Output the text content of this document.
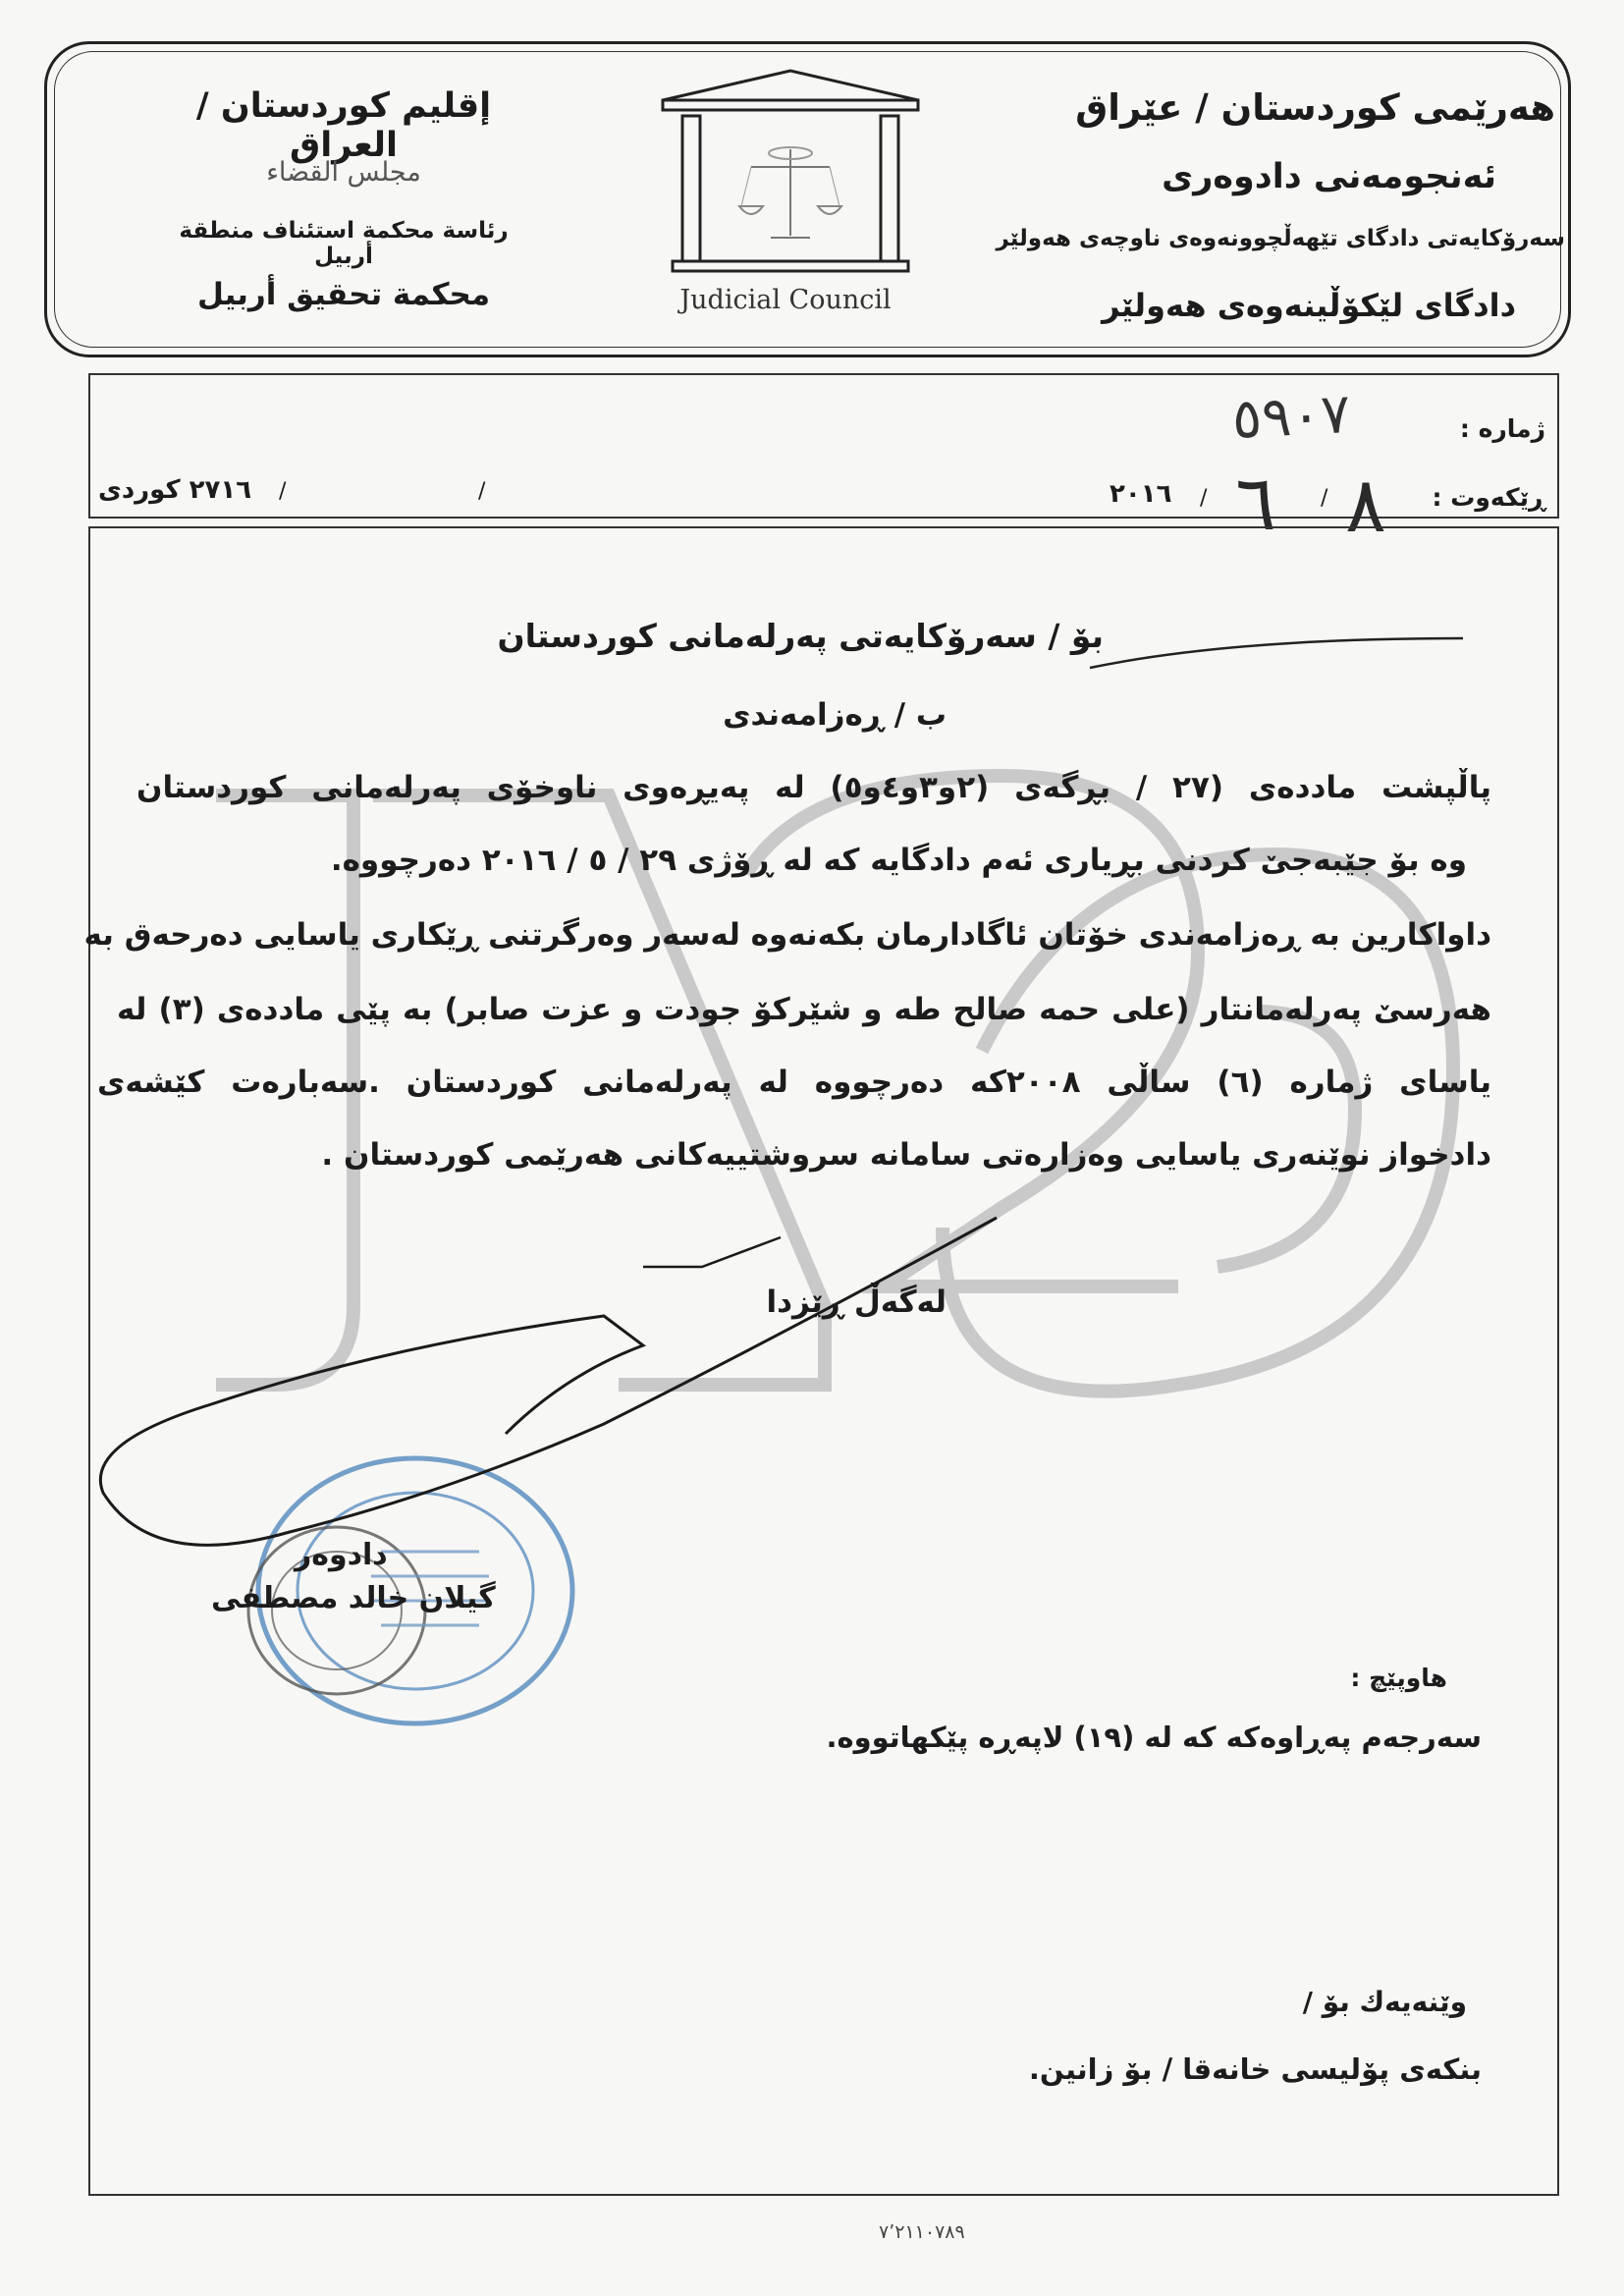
هەرێمی کوردستان / عێراق
ئەنجومەنی دادوەری
سەرۆکایەتی دادگای تێهەڵچوونەوەی ناوچەی هەولێر
دادگای لێکۆڵینەوەی هەولێر
إقليم كوردستان / العراق
مجلس القضاء
رئاسة محكمة استئناف منطقة أربيل
محكمة تحقيق أربيل	Judicial Council
ژمارە :
٥٩٠٧
ڕێکەوت :
٨
/
٦
/
٢٠١٦
/
/
٢٧١٦ کوردی
بۆ / سەرۆکایەتی پەرلەمانی کوردستان
ب / ڕەزامەندی
پاڵپشت ماددەی (٢٧ / بڕگەی (٢و٣و٤و٥) لە پەیڕەوی ناوخۆی پەرلەمانی کوردستان
وە بۆ جێبەجێ کردنی بڕیاری ئەم دادگایە کە لە ڕۆژی ٢٩ / ٥ / ٢٠١٦ دەرچووە.
داواکارین بە ڕەزامەندی خۆتان ئاگادارمان بکەنەوە لەسەر وەرگرتنی ڕێکاری یاسایی دەرحەق بە
هەرسێ پەرلەمانتار (علی حمه صالح طه و شێرکۆ جودت و عزت صابر) بە پێی ماددەی (٣) لە
یاسای ژمارە (٦) ساڵی ٢٠٠٨کە دەرچووە لە پەرلەمانی کوردستان .سەبارەت کێشەی
دادخواز نوێنەری یاسایی وەزارەتی سامانە سروشتییەکانی هەرێمی کوردستان .
لەگەڵ ڕێزدا
دادوەر
گیلان خالد مصطفی
هاوپێچ :
سەرجەم پەڕاوەکە کە لە (١٩) لاپەڕە پێکهاتووە.
وێنەیەك بۆ /
بنکەی پۆلیسی خانەقا / بۆ زانین.
٧٬٢١١٠٧٨٩
